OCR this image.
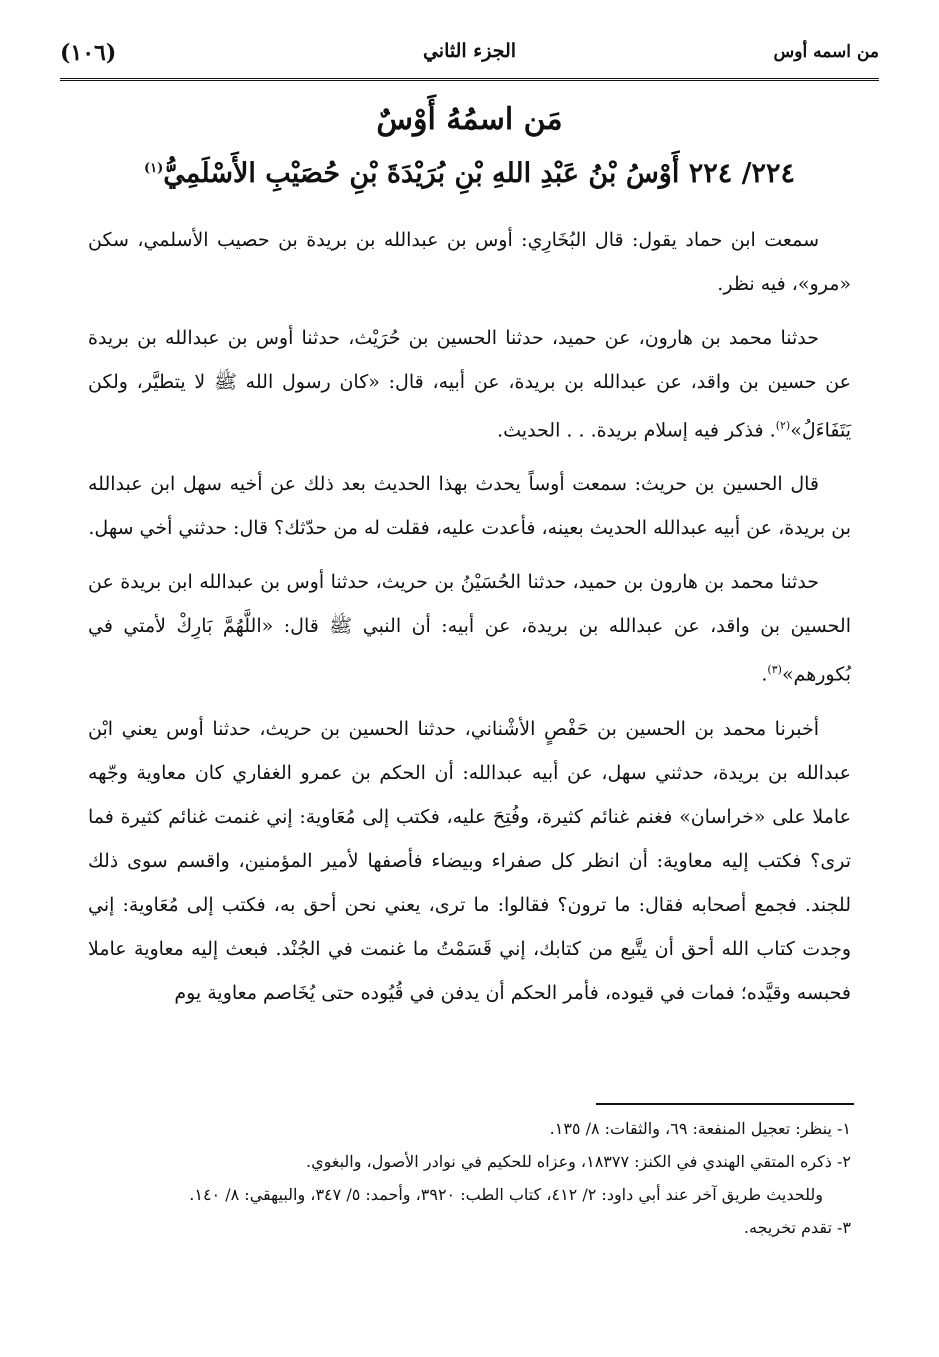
من اسمه أوس
الجزء الثاني
(١٠٦)
مَن اسمُهُ أَوْسٌ
٢٢٤/ ٢٢٤ أَوْسُ بْنُ عَبْدِ اللهِ بْنِ بُرَيْدَةَ بْنِ حُصَيْبِ الأَسْلَمِيُّ$^{(١)}$

سمعت ابن حماد يقول: قال البُخَارِي: أوس بن عبدالله بن بريدة بن حصيب الأسلمي، سكن «مرو»، فيه نظر.

حدثنا محمد بن هارون، عن حميد، حدثنا الحسين بن حُرَيْث، حدثنا أوس بن عبدالله بن بريدة عن حسين بن واقد، عن عبدالله بن بريدة، عن أبيه، قال: «كان رسول الله ﷺ لا يتطيَّر، ولكن يَتَفَاءَلُ»$^{(٢)}$. فذكر فيه إسلام بريدة. . . الحديث.

قال الحسين بن حريث: سمعت أوساً يحدث بهذا الحديث بعد ذلك عن أخيه سهل ابن عبدالله بن بريدة، عن أبيه عبدالله الحديث بعينه، فأعدت عليه، فقلت له من حدّثك؟ قال: حدثني أخي سهل.

حدثنا محمد بن هارون بن حميد، حدثنا الحُسَيْنُ بن حريث، حدثنا أوس بن عبدالله ابن بريدة عن الحسين بن واقد، عن عبدالله بن بريدة، عن أبيه: أن النبي ﷺ قال: «اللَّهُمَّ بَارِكْ لأمتي في بُكورهم»$^{(٣)}$.

أخبرنا محمد بن الحسين بن حَفْصٍ الأشْناني، حدثنا الحسين بن حريث، حدثنا أوس يعني ابْن عبدالله بن بريدة، حدثني سهل، عن أبيه عبدالله: أن الحكم بن عمرو الغفاري كان معاوية وجّهه عاملا على «خراسان» فغنم غنائم كثيرة، وفُتِحَ عليه، فكتب إلى مُعَاوية: إني غنمت غنائم كثيرة فما ترى؟ فكتب إليه معاوية: أن انظر كل صفراء وبيضاء فأصفها لأمير المؤمنين، واقسم سوى ذلك للجند. فجمع أصحابه فقال: ما ترون؟ فقالوا: ما ترى، يعني نحن أحق به، فكتب إلى مُعَاوية: إني وجدت كتاب الله أحق أن يتَّبع من كتابك، إني قَسَمْتُ ما غنمت في الجُنْد. فبعث إليه معاوية عاملا فحبسه وقيَّده؛ فمات في قيوده، فأمر الحكم أن يدفن في قُيُوده حتى يُخَاصم معاوية يوم

١- ينظر: تعجيل المنفعة: ٦٩، والثقات: ٨/ ١٣٥.

٢- ذكره المتقي الهندي في الكنز: ١٨٣٧٧، وعزاه للحكيم في نوادر الأصول، والبغوي.

وللحديث طريق آخر عند أبي داود: ٢/ ٤١٢، كتاب الطب: ٣٩٢٠، وأحمد: ٥/ ٣٤٧، والبيهقي: ٨/ ١٤٠.

٣- تقدم تخريجه.
